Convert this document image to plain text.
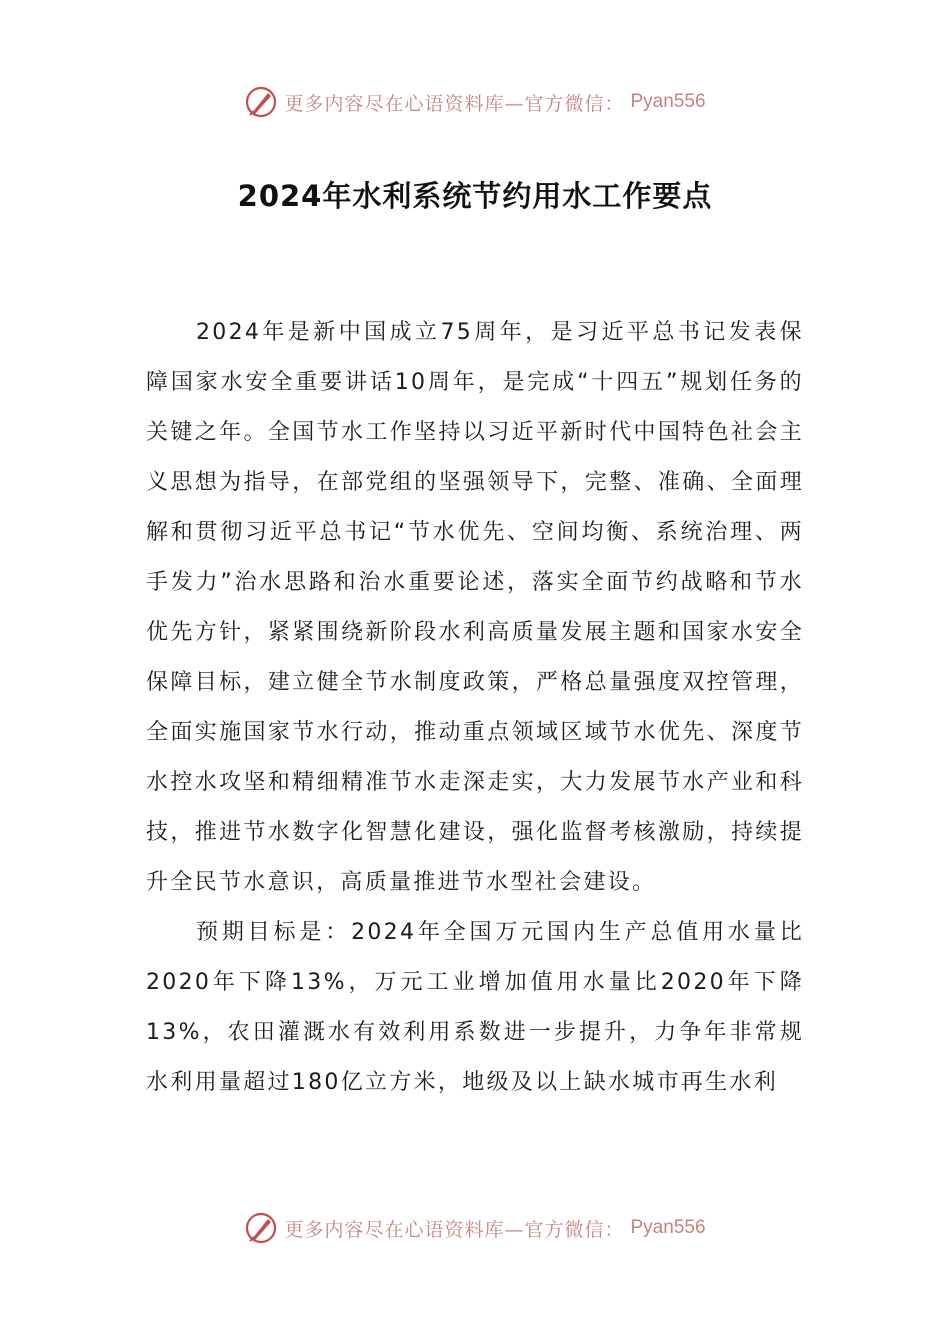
更多内容尽在心语资料库—官方微信： Pyan556
2024年水利系统节约用水工作要点

2024年是新中国成立75周年，是习近平总书记发表保障国家水安全重要讲话10周年，是完成“十四五”规划任务的关键之年。全国节水工作坚持以习近平新时代中国特色社会主义思想为指导，在部党组的坚强领导下，完整、准确、全面理解和贯彻习近平总书记“节水优先、空间均衡、系统治理、两手发力”治水思路和治水重要论述，落实全面节约战略和节水优先方针，紧紧围绕新阶段水利高质量发展主题和国家水安全保障目标，建立健全节水制度政策，严格总量强度双控管理，全面实施国家节水行动，推动重点领域区域节水优先、深度节水控水攻坚和精细精准节水走深走实，大力发展节水产业和科技，推进节水数字化智慧化建设，强化监督考核激励，持续提升全民节水意识，高质量推进节水型社会建设。

预期目标是：2024年全国万元国内生产总值用水量比2020年下降13%，万元工业增加值用水量比2020年下降13%，农田灌溉水有效利用系数进一步提升，力争年非常规水利用量超过180亿立方米，地级及以上缺水城市再生水利

更多内容尽在心语资料库—官方微信： Pyan556
